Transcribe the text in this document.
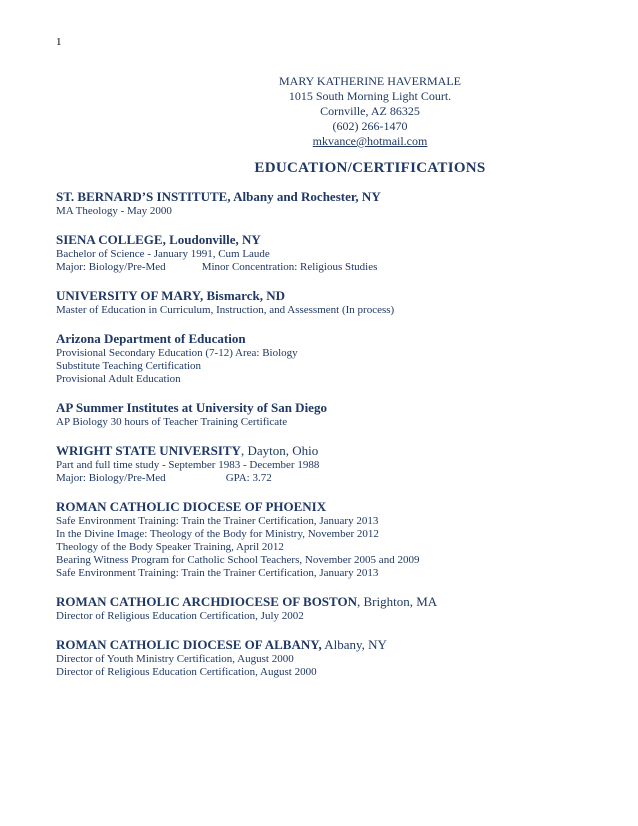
1
MARY KATHERINE HAVERMALE
1015 South Morning Light Court.
Cornville, AZ 86325
(602) 266-1470
mkvance@hotmail.com
EDUCATION/CERTIFICATIONS
ST. BERNARD’S INSTITUTE, Albany and Rochester, NY
MA Theology - May 2000
SIENA COLLEGE, Loudonville, NY
Bachelor of Science - January 1991, Cum Laude
Major: Biology/Pre-Med	Minor Concentration: Religious Studies
UNIVERSITY OF MARY, Bismarck, ND
Master of Education in Curriculum, Instruction, and Assessment (In process)
Arizona Department of Education
Provisional Secondary Education (7-12) Area: Biology
Substitute Teaching Certification
Provisional Adult Education
AP Summer Institutes at University of San Diego
AP Biology 30 hours of Teacher Training Certificate
WRIGHT STATE UNIVERSITY, Dayton, Ohio
Part and full time study - September 1983 - December 1988
Major: Biology/Pre-Med	GPA: 3.72
ROMAN CATHOLIC DIOCESE OF PHOENIX
Safe Environment Training: Train the Trainer Certification, January 2013
In the Divine Image: Theology of the Body for Ministry, November 2012
Theology of the Body Speaker Training, April 2012
Bearing Witness Program for Catholic School Teachers, November 2005 and 2009
Safe Environment Training: Train the Trainer Certification, January 2013
ROMAN CATHOLIC ARCHDIOCESE OF BOSTON, Brighton, MA
Director of Religious Education Certification, July 2002
ROMAN CATHOLIC DIOCESE OF ALBANY, Albany, NY
Director of Youth Ministry Certification, August 2000
Director of Religious Education Certification, August 2000
